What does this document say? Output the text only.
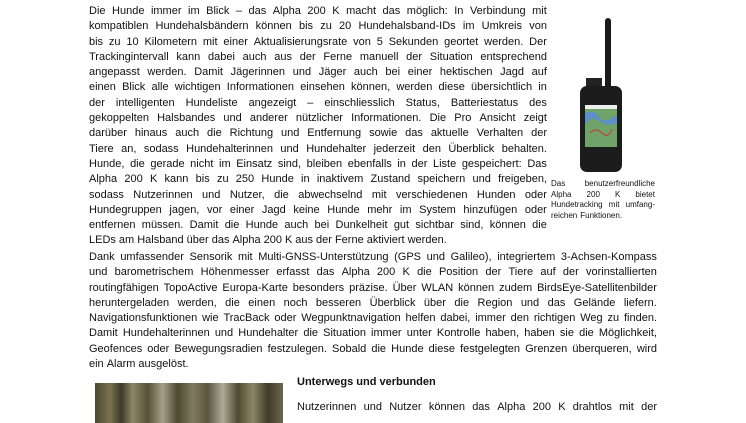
Die Hunde immer im Blick – das Alpha 200 K macht das möglich: In Verbindung mit
kompatiblen Hundehalsbändern können bis zu 20 Hundehalsband-IDs im Umkreis von
bis zu 10 Kilometern mit einer Aktualisierungsrate von 5 Sekunden geortet werden. Der
Trackingintervall kann dabei auch aus der Ferne manuell der Situation entsprechend
angepasst werden. Damit Jägerinnen und Jäger auch bei einer hektischen Jagd auf
einen Blick alle wichtigen Informationen einsehen können, werden diese übersichtlich in
der intelligenten Hundeliste angezeigt – einschliesslich Status, Batteriestatus des
gekoppelten Halsbandes und anderer nützlicher Informationen. Die Pro Ansicht zeigt
darüber hinaus auch die Richtung und Entfernung sowie das aktuelle Verhalten der
Tiere an, sodass Hundehalterinnen und Hundehalter jederzeit den Überblick behalten.
Hunde, die gerade nicht im Einsatz sind, bleiben ebenfalls in der Liste gespeichert: Das
Alpha 200 K kann bis zu 250 Hunde in inaktivem Zustand speichern und freigeben,
sodass Nutzerinnen und Nutzer, die abwechselnd mit verschiedenen Hunden oder
Hundegruppen jagen, vor einer Jagd keine Hunde mehr im System hinzufügen oder
entfernen müssen. Damit die Hunde auch bei Dunkelheit gut sichtbar sind, können die
LEDs am Halsband über das Alpha 200 K aus der Ferne aktiviert werden.
Das benutzerfreundliche
Alpha 200 K bietet
Hundetracking mit umfang-
reichen Funktionen.
Dank umfassender Sensorik mit Multi-GNSS-Unterstützung (GPS und Galileo), integriertem 3-Achsen-Kompass
und barometrischem Höhenmesser erfasst das Alpha 200 K die Position der Tiere auf der vorinstallierten
routingfähigen TopoActive Europa-Karte besonders präzise. Über WLAN können zudem BirdsEye-Satellitenbilder
heruntergeladen werden, die einen noch besseren Überblick über die Region und das Gelände liefern.
Navigationsfunktionen wie TracBack oder Wegpunktnavigation helfen dabei, immer den richtigen Weg zu finden.
Damit Hundehalterinnen und Hundehalter die Situation immer unter Kontrolle haben, haben sie die Möglichkeit,
Geofences oder Bewegungsradien festzulegen. Sobald die Hunde diese festgelegten Grenzen überqueren, wird
ein Alarm ausgelöst.
Unterwegs und verbunden
Nutzerinnen und Nutzer können das Alpha 200 K drahtlos mit der
